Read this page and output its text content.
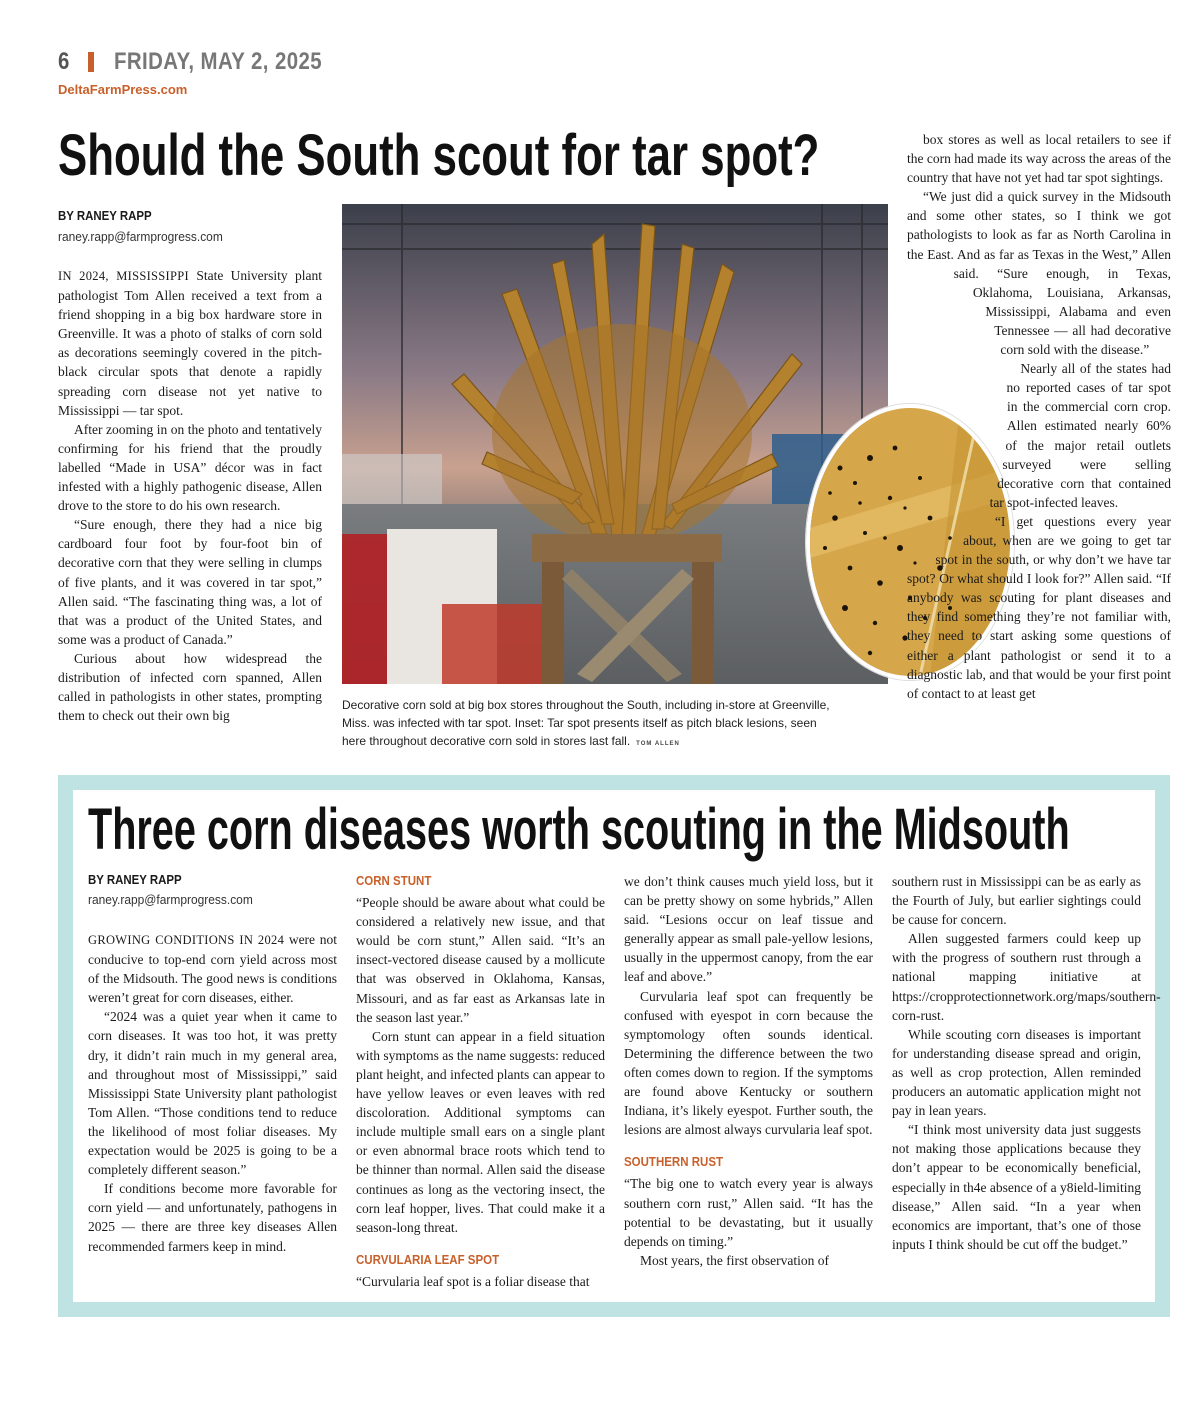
6 FRIDAY, MAY 2, 2025
DeltaFarmPress.com
Should the South scout for tar spot?
BY RANEY RAPP
raney.rapp@farmprogress.com

IN 2024, MISSISSIPPI State University plant pathologist Tom Allen received a text from a friend shopping in a big box hardware store in Greenville. It was a photo of stalks of corn sold as decorations seemingly covered in the pitch-black circular spots that denote a rapidly spreading corn disease not yet native to Mississippi — tar spot.

After zooming in on the photo and tentatively confirming for his friend that the proudly labelled “Made in USA” décor was in fact infested with a highly pathogenic disease, Allen drove to the store to do his own research.

“Sure enough, there they had a nice big cardboard four foot by four-foot bin of decorative corn that they were selling in clumps of five plants, and it was covered in tar spot,” Allen said. “The fascinating thing was, a lot of that was a product of the United States, and some was a product of Canada.”

Curious about how widespread the distribution of infected corn spanned, Allen called in pathologists in other states, prompting them to check out their own big

Decorative corn sold at big box stores throughout the South, including in-store at Greenville, Miss. was infected with tar spot. Inset: Tar spot presents itself as pitch black lesions, seen here throughout decorative corn sold in stores last fall. TOM ALLEN

box stores as well as local retailers to see if the corn had made its way across the areas of the country that have not yet had tar spot sightings.

“We just did a quick survey in the Midsouth and some other states, so I think we got pathologists to look as far as North Carolina in the East. And as far as Texas in the West,” Allen said. “Sure enough, in Texas, Oklahoma, Louisiana, Arkansas, Mississippi, Alabama and even Tennessee — all had decorative corn sold with the disease.”

Nearly all of the states had no reported cases of tar spot in the commercial corn crop. Allen estimated nearly 60% of the major retail outlets surveyed were selling decorative corn that contained tar spot-infected leaves.

“I get questions every year about, when are we going to get tar spot in the south, or why don’t we have tar spot? Or what should I look for?” Allen said. “If anybody was scouting for plant diseases and they find something they’re not familiar with, they need to start asking some questions of either a plant pathologist or send it to a diagnostic lab, and that would be your first point of contact to at least get

Three corn diseases worth scouting in the Midsouth
BY RANEY RAPP
raney.rapp@farmprogress.com

GROWING CONDITIONS IN 2024 were not conducive to top-end corn yield across most of the Midsouth. The good news is conditions weren’t great for corn diseases, either.

“2024 was a quiet year when it came to corn diseases. It was too hot, it was pretty dry, it didn’t rain much in my general area, and throughout most of Mississippi,” said Mississippi State University plant pathologist Tom Allen. “Those conditions tend to reduce the likelihood of most foliar diseases. My expectation would be 2025 is going to be a completely different season.”

If conditions become more favorable for corn yield — and unfortunately, pathogens in 2025 — there are three key diseases Allen recommended farmers keep in mind.

CORN STUNT

“People should be aware about what could be considered a relatively new issue, and that would be corn stunt,” Allen said. “It’s an insect-vectored disease caused by a mollicute that was observed in Oklahoma, Kansas, Missouri, and as far east as Arkansas late in the season last year.”

Corn stunt can appear in a field situation with symptoms as the name suggests: reduced plant height, and infected plants can appear to have yellow leaves or even leaves with red discoloration. Additional symptoms can include multiple small ears on a single plant or even abnormal brace roots which tend to be thinner than normal. Allen said the disease continues as long as the vectoring insect, the corn leaf hopper, lives. That could make it a season-long threat.

CURVULARIA LEAF SPOT

“Curvularia leaf spot is a foliar disease that

we don’t think causes much yield loss, but it can be pretty showy on some hybrids,” Allen said. “Lesions occur on leaf tissue and generally appear as small pale-yellow lesions, usually in the uppermost canopy, from the ear leaf and above.”

Curvularia leaf spot can frequently be confused with eyespot in corn because the symptomology often sounds identical. Determining the difference between the two often comes down to region. If the symptoms are found above Kentucky or southern Indiana, it’s likely eyespot. Further south, the lesions are almost always curvularia leaf spot.

SOUTHERN RUST

“The big one to watch every year is always southern corn rust,” Allen said. “It has the potential to be devastating, but it usually depends on timing.”

Most years, the first observation of

southern rust in Mississippi can be as early as the Fourth of July, but earlier sightings could be cause for concern.

Allen suggested farmers could keep up with the progress of southern rust through a national mapping initiative at https://cropprotectionnetwork.org/maps/southern-corn-rust.

While scouting corn diseases is important for understanding disease spread and origin, as well as crop protection, Allen reminded producers an automatic application might not pay in lean years.

“I think most university data just suggests not making those applications because they don’t appear to be economically beneficial, especially in th4e absence of a y8ield-limiting disease,” Allen said. “In a year when economics are important, that’s one of those inputs I think should be cut off the budget.”
